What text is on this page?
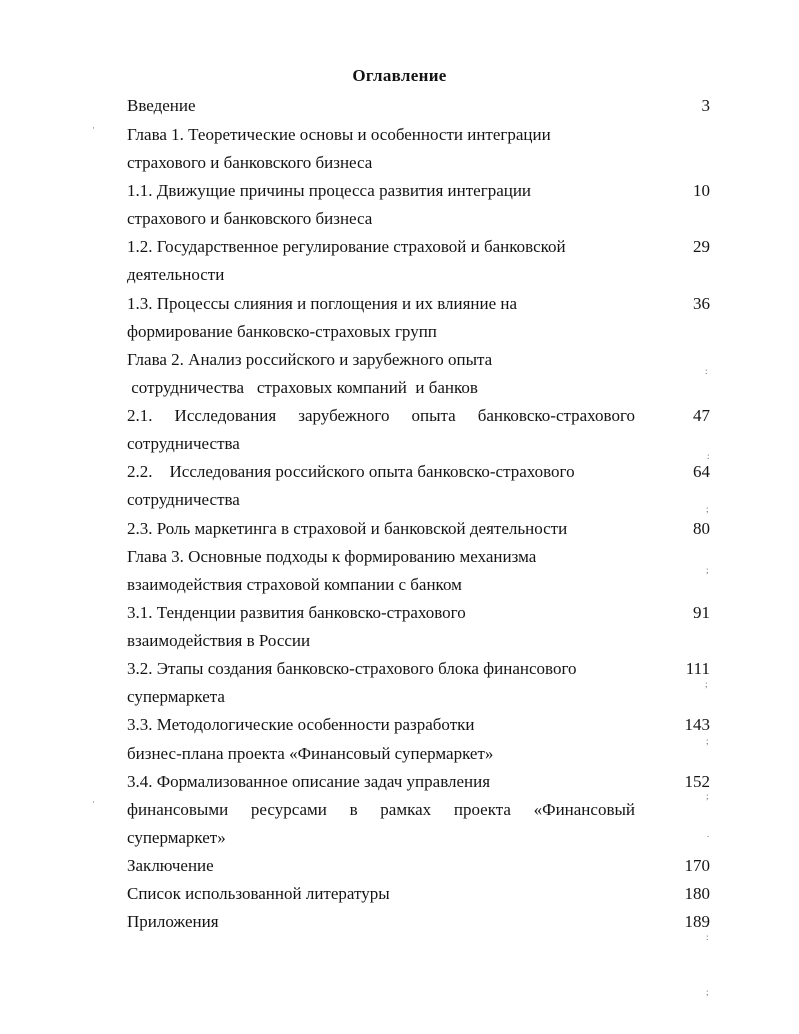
Оглавление
Введение
Глава 1. Теоретические основы и особенности интеграции
страхового и банковского бизнеса
1.1. Движущие причины процесса развития интеграции
страхового и банковского бизнеса
1.2. Государственное регулирование страховой и банковской
деятельности
1.3. Процессы слияния и поглощения и их влияние на
формирование банковско-страховых групп
Глава 2. Анализ российского и зарубежного опыта
сотрудничества   страховых компаний  и банков
2.1. Исследования зарубежного опыта банковско-страхового
сотрудничества
2.2.    Исследования российского опыта банковско-страхового
сотрудничества
2.3. Роль маркетинга в страховой и банковской деятельности
Глава 3. Основные подходы к формированию механизма
взаимодействия страховой компании с банком
3.1. Тенденции развития банковско-страхового
взаимодействия в России
3.2. Этапы создания банковско-страхового блока финансового
супермаркета
3.3. Методологические особенности разработки
бизнес-плана проекта «Финансовый супермаркет»
3.4. Формализованное описание задач управления
финансовыми ресурсами в рамках проекта «Финансовый
супермаркет»
Заключение
Список использованной литературы
Приложения
3
10
29
36
47
64
80
91
111
143
152
170
180
189
:
:
;
;
;
;
;
.
:
;
·
·
